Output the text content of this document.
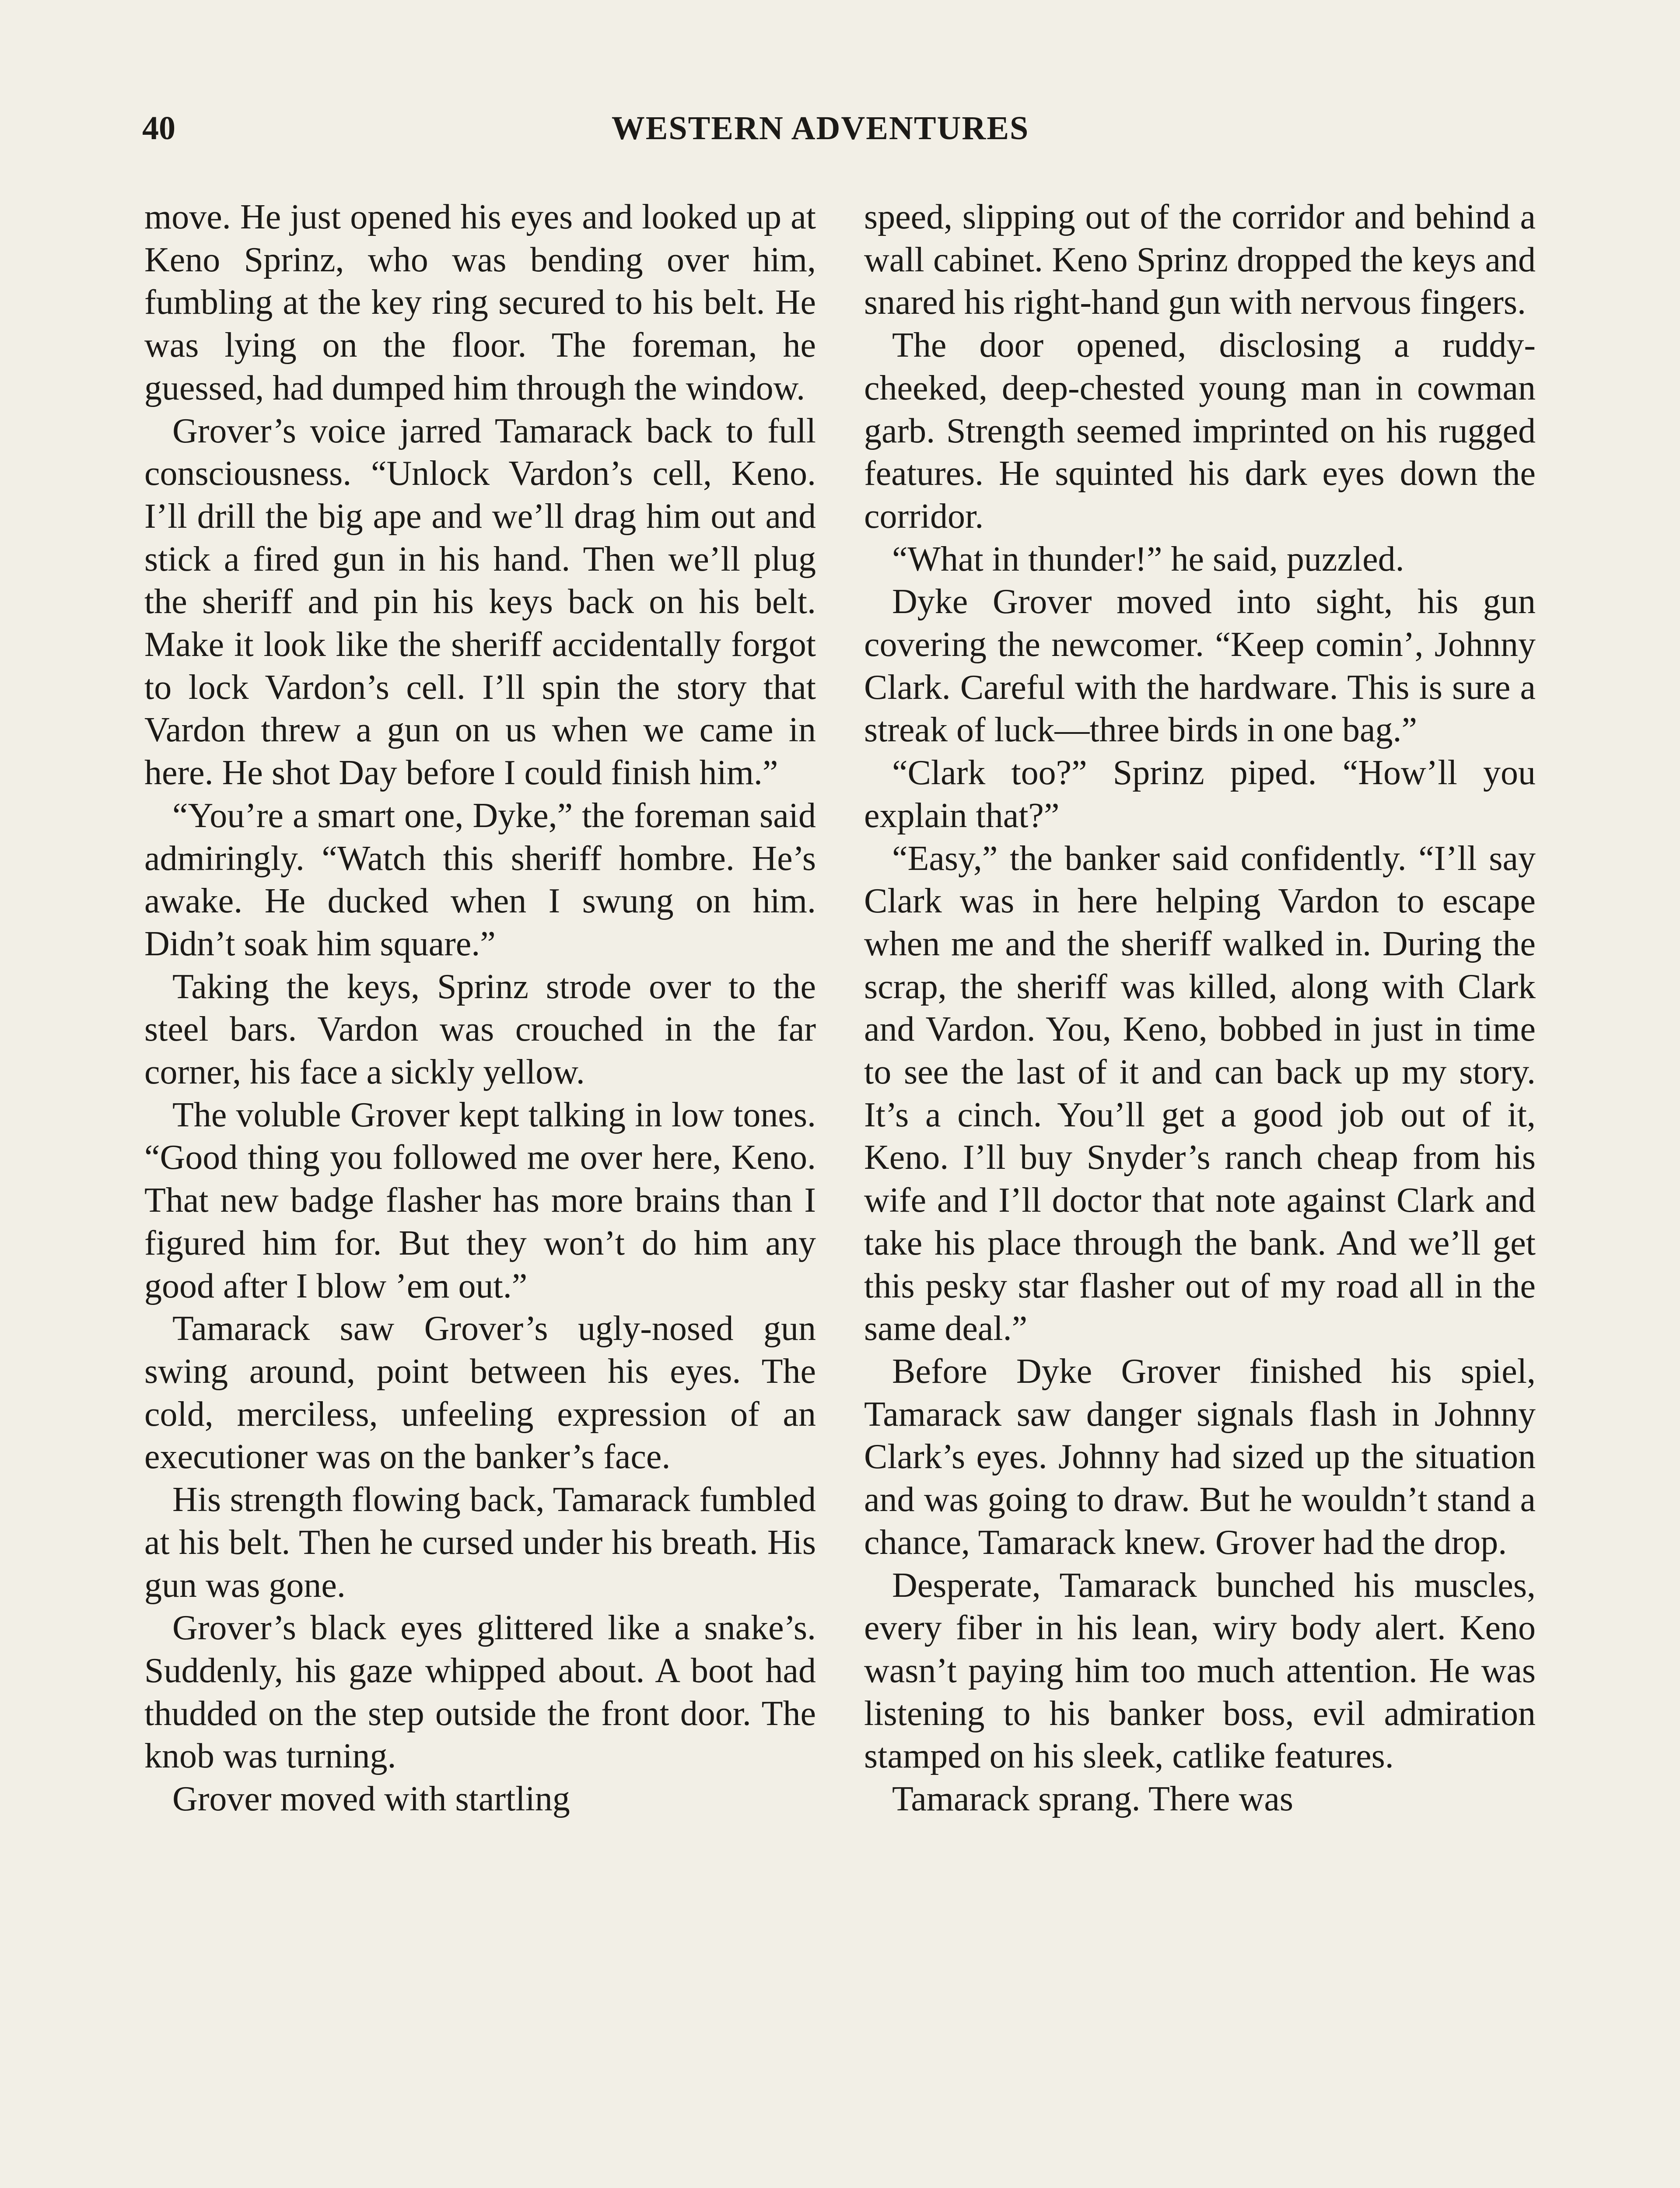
40	WESTERN ADVENTURES

move. He just opened his eyes and looked up at Keno Sprinz, who was bending over him, fumbling at the key ring secured to his belt. He was lying on the floor. The foreman, he guessed, had dumped him through the window.

Grover’s voice jarred Tamarack back to full consciousness. “Unlock Vardon’s cell, Keno. I’ll drill the big ape and we’ll drag him out and stick a fired gun in his hand. Then we’ll plug the sheriff and pin his keys back on his belt. Make it look like the sheriff accidentally forgot to lock Vardon’s cell. I’ll spin the story that Vardon threw a gun on us when we came in here. He shot Day before I could finish him.”

“You’re a smart one, Dyke,” the foreman said admiringly. “Watch this sheriff hombre. He’s awake. He ducked when I swung on him. Didn’t soak him square.”

Taking the keys, Sprinz strode over to the steel bars. Vardon was crouched in the far corner, his face a sickly yellow.

The voluble Grover kept talking in low tones. “Good thing you followed me over here, Keno. That new badge flasher has more brains than I figured him for. But they won’t do him any good after I blow ’em out.”

Tamarack saw Grover’s ugly-nosed gun swing around, point between his eyes. The cold, merciless, unfeeling expression of an executioner was on the banker’s face.

His strength flowing back, Tamarack fumbled at his belt. Then he cursed under his breath. His gun was gone.

Grover’s black eyes glittered like a snake’s. Suddenly, his gaze whipped about. A boot had thudded on the step outside the front door. The knob was turning.

Grover moved with startling

speed, slipping out of the corridor and behind a wall cabinet. Keno Sprinz dropped the keys and snared his right-hand gun with nervous fingers.

The door opened, disclosing a ruddy-cheeked, deep-chested young man in cowman garb. Strength seemed imprinted on his rugged features. He squinted his dark eyes down the corridor.

“What in thunder!” he said, puzzled.

Dyke Grover moved into sight, his gun covering the newcomer. “Keep comin’, Johnny Clark. Careful with the hardware. This is sure a streak of luck—three birds in one bag.”

“Clark too?” Sprinz piped. “How’ll you explain that?”

“Easy,” the banker said confidently. “I’ll say Clark was in here helping Vardon to escape when me and the sheriff walked in. During the scrap, the sheriff was killed, along with Clark and Vardon. You, Keno, bobbed in just in time to see the last of it and can back up my story. It’s a cinch. You’ll get a good job out of it, Keno. I’ll buy Snyder’s ranch cheap from his wife and I’ll doctor that note against Clark and take his place through the bank. And we’ll get this pesky star flasher out of my road all in the same deal.”

Before Dyke Grover finished his spiel, Tamarack saw danger signals flash in Johnny Clark’s eyes. Johnny had sized up the situation and was going to draw. But he wouldn’t stand a chance, Tamarack knew. Grover had the drop.

Desperate, Tamarack bunched his muscles, every fiber in his lean, wiry body alert. Keno wasn’t paying him too much attention. He was listening to his banker boss, evil admiration stamped on his sleek, catlike features.

Tamarack sprang. There was
